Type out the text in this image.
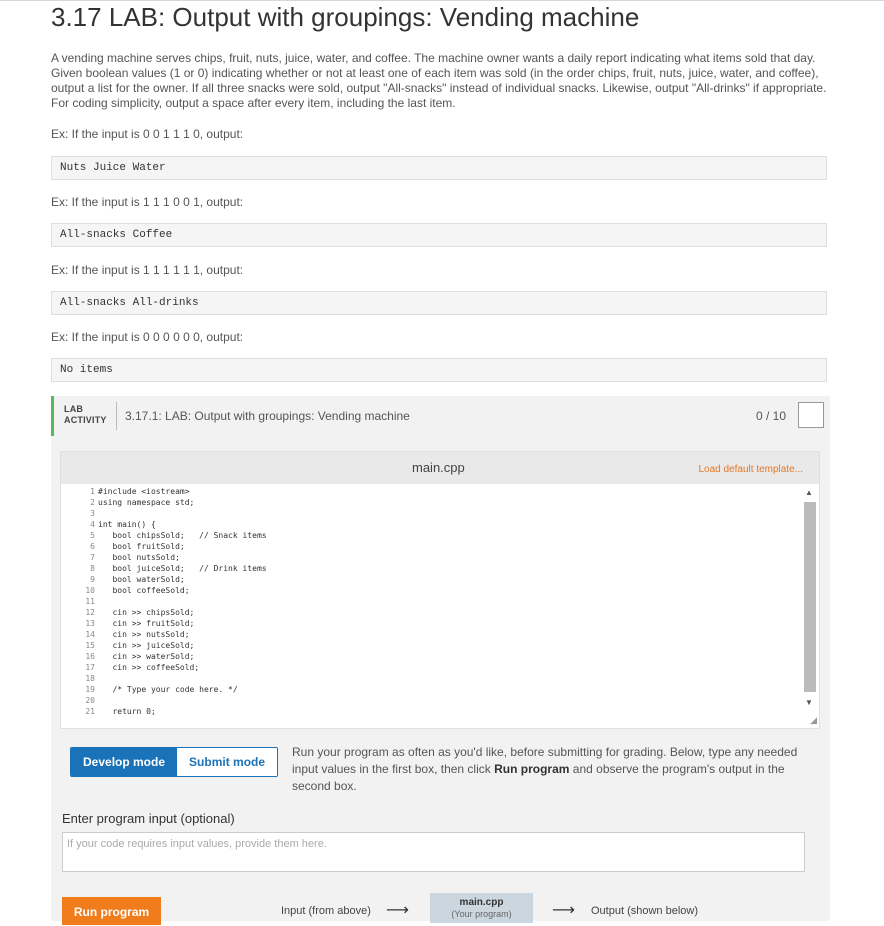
3.17 LAB: Output with groupings: Vending machine
A vending machine serves chips, fruit, nuts, juice, water, and coffee. The machine owner wants a daily report indicating what items sold that day. Given boolean values (1 or 0) indicating whether or not at least one of each item was sold (in the order chips, fruit, nuts, juice, water, and coffee), output a list for the owner. If all three snacks were sold, output "All-snacks" instead of individual snacks. Likewise, output "All-drinks" if appropriate. For coding simplicity, output a space after every item, including the last item.
Ex: If the input is 0 0 1 1 1 0, output:
Nuts Juice Water
Ex: If the input is 1 1 1 0 0 1, output:
All-snacks Coffee
Ex: If the input is 1 1 1 1 1 1, output:
All-snacks All-drinks
Ex: If the input is 0 0 0 0 0 0, output:
No items
LAB
ACTIVITY 3.17.1: LAB: Output with groupings: Vending machine	0 / 10
main.cpp	Load default template...
1
2
3
4
5
6
7
8
9
10
11
12
13
14
15
16
17
18
19
20
21
#include <iostream>
using namespace std;
int main() {
bool chipsSold;   // Snack items
bool fruitSold;
bool nutsSold;
bool juiceSold;   // Drink items
bool waterSold;
bool coffeeSold;
cin >> chipsSold;
cin >> fruitSold;
cin >> nutsSold;
cin >> juiceSold;
cin >> waterSold;
cin >> coffeeSold;
/* Type your code here. */
return 0;
▲
▼
◢
Develop mode	Submit mode
Run your program as often as you'd like, before submitting for grading. Below, type any needed input values in the first box, then click Run program and observe the program's output in the second box.
Enter program input (optional)
If your code requires input values, provide them here.
Run program	Input (from above) ⟶	main.cpp
(Your program)	⟶ Output (shown below)
